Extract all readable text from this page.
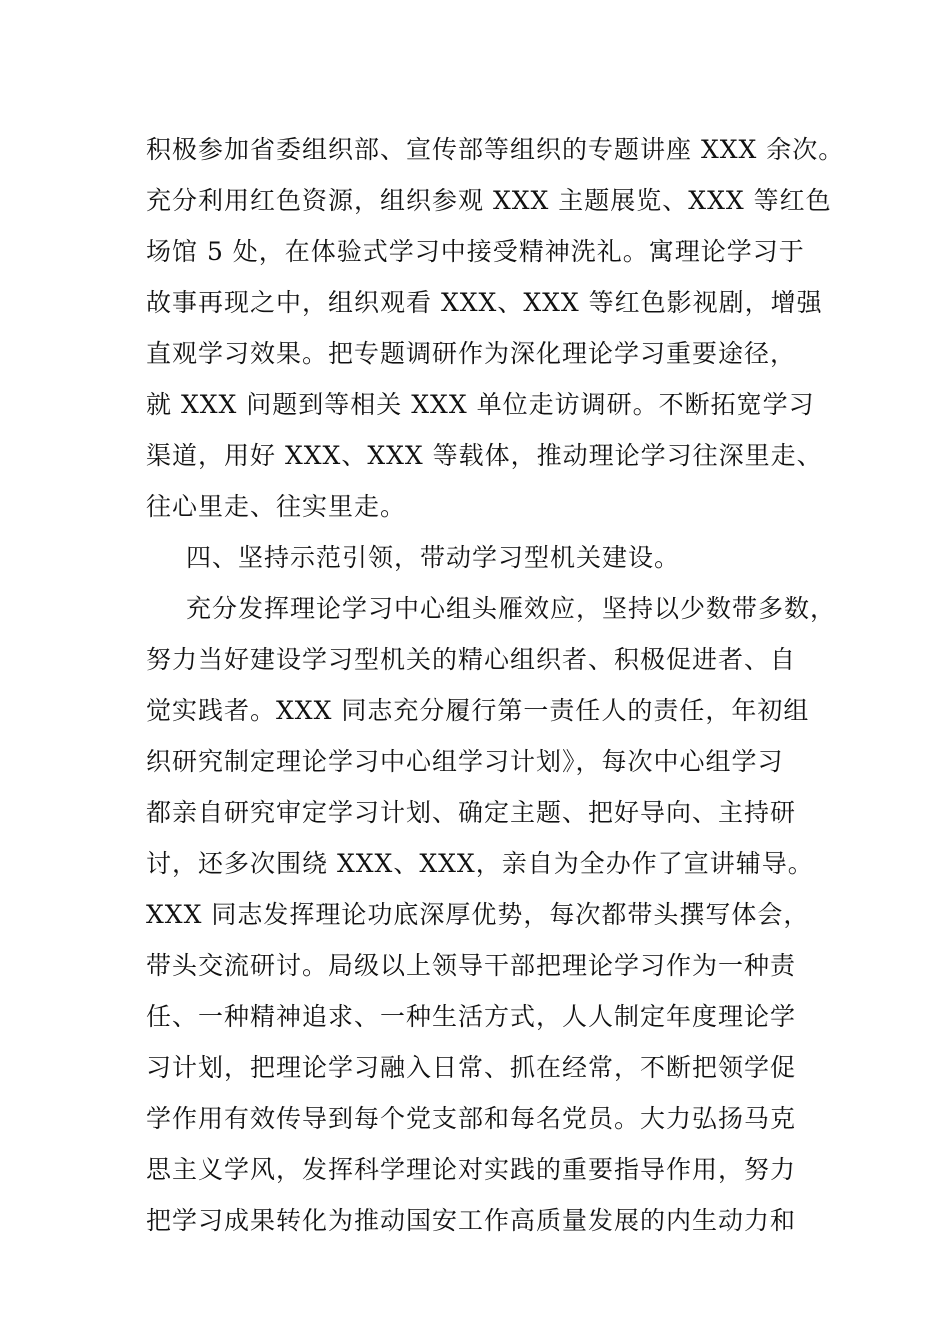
积极参加省委组织部、宣传部等组织的专题讲座 XXX 余次。

充分利用红色资源，组织参观 XXX 主题展览、XXX 等红色

场馆 5 处，在体验式学习中接受精神洗礼。寓理论学习于

故事再现之中，组织观看 XXX、XXX 等红色影视剧，增强

直观学习效果。把专题调研作为深化理论学习重要途径，

就 XXX 问题到等相关 XXX 单位走访调研。不断拓宽学习

渠道，用好 XXX、XXX 等载体，推动理论学习往深里走、

往心里走、往实里走。

四、坚持示范引领，带动学习型机关建设。

充分发挥理论学习中心组头雁效应，坚持以少数带多数，

努力当好建设学习型机关的精心组织者、积极促进者、自

觉实践者。XXX 同志充分履行第一责任人的责任，年初组

织研究制定理论学习中心组学习计划》，每次中心组学习

都亲自研究审定学习计划、确定主题、把好导向、主持研

讨，还多次围绕 XXX、XXX，亲自为全办作了宣讲辅导。

XXX 同志发挥理论功底深厚优势，每次都带头撰写体会，

带头交流研讨。局级以上领导干部把理论学习作为一种责

任、一种精神追求、一种生活方式，人人制定年度理论学

习计划，把理论学习融入日常、抓在经常，不断把领学促

学作用有效传导到每个党支部和每名党员。大力弘扬马克

思主义学风，发挥科学理论对实践的重要指导作用，努力

把学习成果转化为推动国安工作高质量发展的内生动力和
